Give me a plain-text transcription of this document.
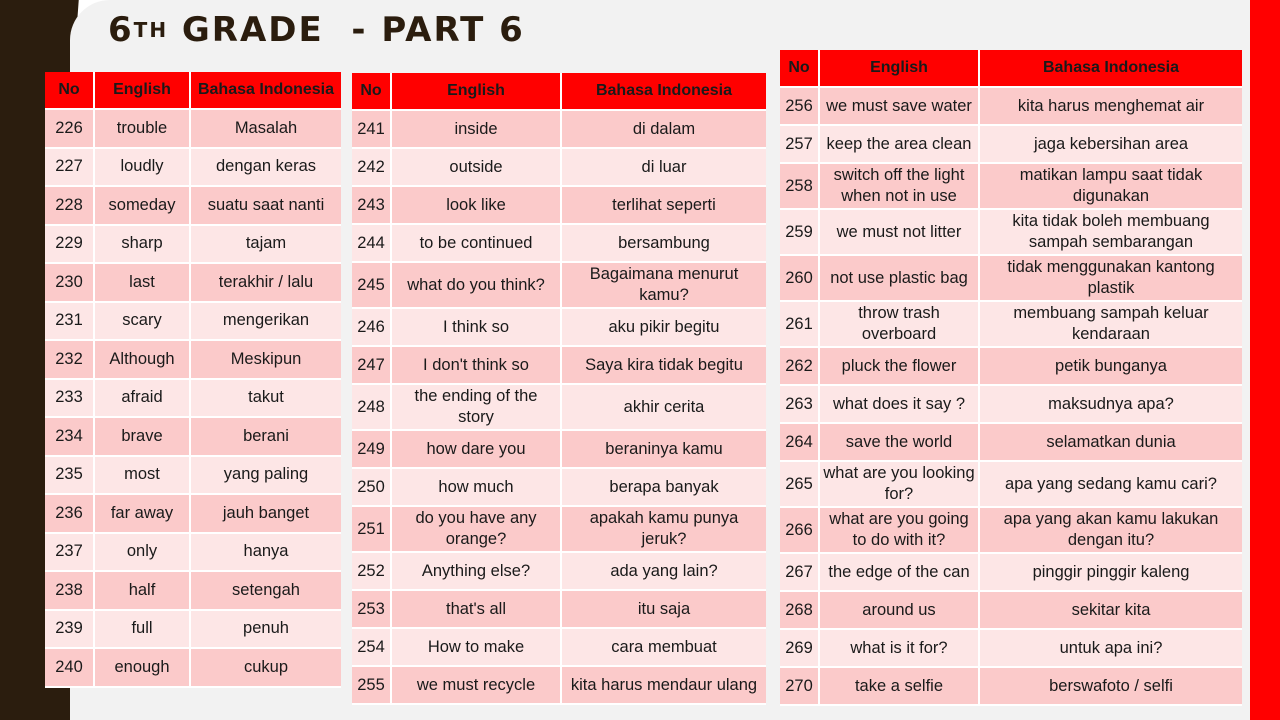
6TH GRADE  - PART 6
No	English	Bahasa Indonesia
226	trouble	Masalah
227	loudly	dengan keras
228	someday	suatu saat nanti
229	sharp	tajam
230	last	terakhir / lalu
231	scary	mengerikan
232	Although	Meskipun
233	afraid	takut
234	brave	berani
235	most	yang paling
236	far away	jauh banget
237	only	hanya
238	half	setengah
239	full	penuh
240	enough	cukup
No	English	Bahasa Indonesia
241	inside	di dalam
242	outside	di luar
243	look like	terlihat seperti
244	to be continued	bersambung
245	what do you think?	Bagaimana menurut kamu?
246	I think so	aku pikir begitu
247	I don't think so	Saya kira tidak begitu
248	the ending of the story	akhir cerita
249	how dare you	beraninya kamu
250	how much	berapa banyak
251	do you have any orange?	apakah kamu punya jeruk?
252	Anything else?	ada yang lain?
253	that's all	itu saja
254	How to make	cara membuat
255	we must recycle	kita harus mendaur ulang
No	English	Bahasa Indonesia
256	we must save water	kita harus menghemat air
257	keep the area clean	jaga kebersihan area
258	switch off the light when not in use	matikan lampu saat tidak digunakan
259	we must not litter	kita tidak boleh membuang sampah sembarangan
260	not use plastic bag	tidak menggunakan kantong plastik
261	throw trash overboard	membuang sampah keluar kendaraan
262	pluck the flower	petik bunganya
263	what does it say ?	maksudnya apa?
264	save the world	selamatkan dunia
265	what are you looking for?	apa yang sedang kamu cari?
266	what are you going to do with it?	apa yang akan kamu lakukan dengan itu?
267	the edge of the can	pinggir pinggir kaleng
268	around us	sekitar kita
269	what is it for?	untuk apa ini?
270	take a selfie	berswafoto / selfi
